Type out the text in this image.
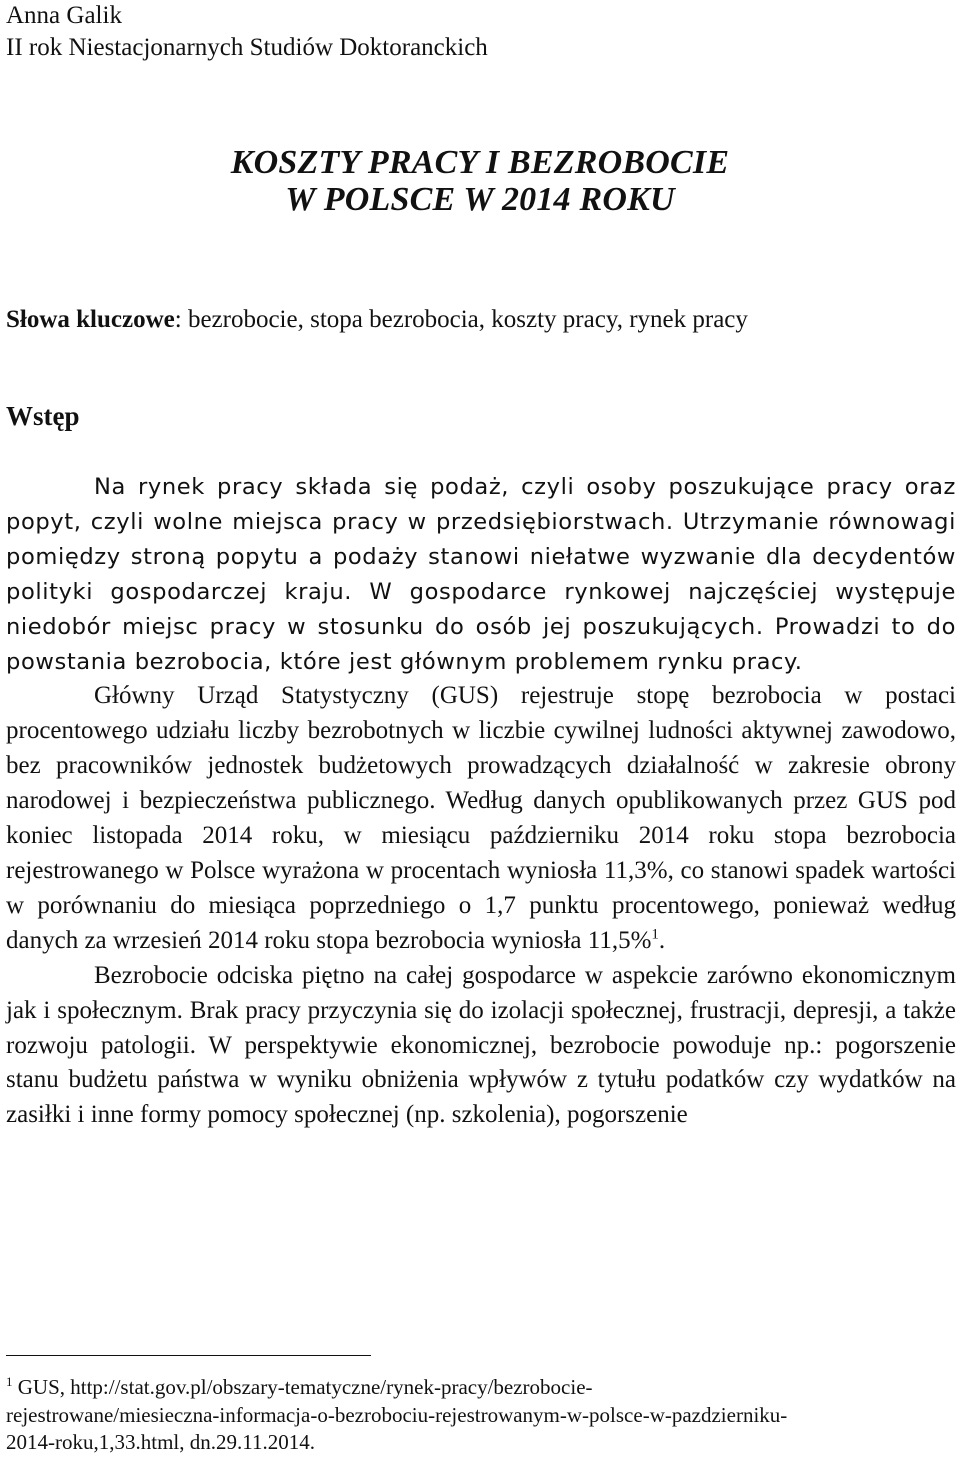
Anna Galik
II rok Niestacjonarnych Studiów Doktoranckich
KOSZTY PRACY I BEZROBOCIE
W POLSCE W 2014 ROKU
Słowa kluczowe: bezrobocie, stopa bezrobocia, koszty pracy, rynek pracy
Wstęp

Na rynek pracy składa się podaż, czyli osoby poszukujące pracy oraz popyt, czyli wolne miejsca pracy w przedsiębiorstwach. Utrzymanie równowagi pomiędzy stroną popytu a podaży stanowi niełatwe wyzwanie dla decydentów polityki gospodarczej kraju. W gospodarce rynkowej najczęściej występuje niedobór miejsc pracy w stosunku do osób jej poszukujących. Prowadzi to do powstania bezrobocia, które jest głównym problemem rynku pracy.

Główny Urząd Statystyczny (GUS) rejestruje stopę bezrobocia w postaci procentowego udziału liczby bezrobotnych w liczbie cywilnej ludności aktywnej zawodowo, bez pracowników jednostek budżetowych prowadzących działalność w zakresie obrony narodowej i bezpieczeństwa publicznego. Według danych opublikowanych przez GUS pod koniec listopada 2014 roku, w miesiącu październiku 2014 roku stopa bezrobocia rejestrowanego w Polsce wyrażona w procentach wyniosła 11,3%, co stanowi spadek wartości w porównaniu do miesiąca poprzedniego o 1,7 punktu procentowego, ponieważ według danych za wrzesień 2014 roku stopa bezrobocia wyniosła 11,5%$^1$.

Bezrobocie odciska piętno na całej gospodarce w aspekcie zarówno ekonomicznym jak i społecznym. Brak pracy przyczynia się do izolacji społecznej, frustracji, depresji, a także rozwoju patologii. W perspektywie ekonomicznej, bezrobocie powoduje np.: pogorszenie stanu budżetu państwa w wyniku obniżenia wpływów z tytułu podatków czy wydatków na zasiłki i inne formy pomocy społecznej (np. szkolenia), pogorszenie

$^1$ GUS, http://stat.gov.pl/obszary-tematyczne/rynek-pracy/bezrobocie-
rejestrowane/miesieczna-informacja-o-bezrobociu-rejestrowanym-w-polsce-w-pazdzierniku-
2014-roku,1,33.html, dn.29.11.2014.
